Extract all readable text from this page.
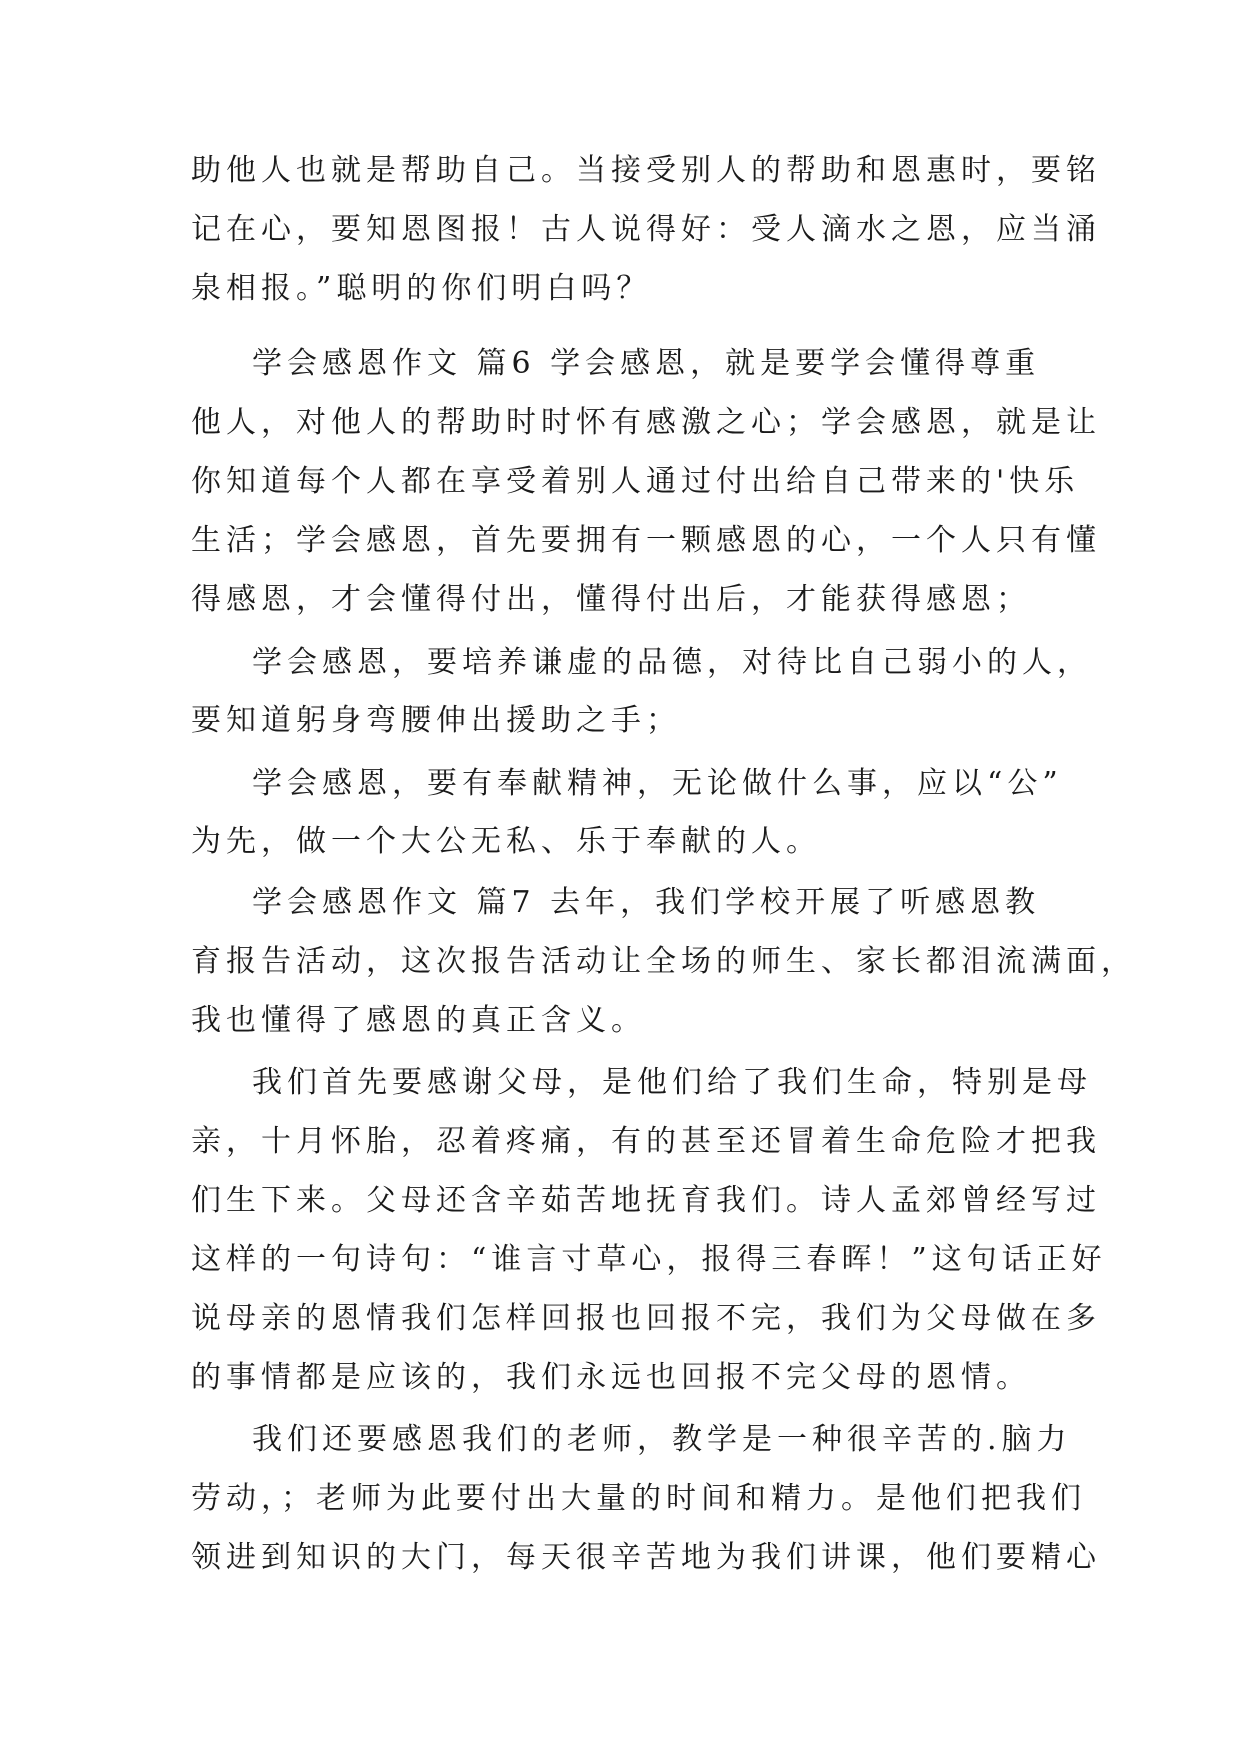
助他人也就是帮助自己。当接受别人的帮助和恩惠时，要铭
记在心，要知恩图报！古人说得好：受人滴水之恩，应当涌
泉相报。”聪明的你们明白吗？
学会感恩作文 篇6 学会感恩，就是要学会懂得尊重
他人，对他人的帮助时时怀有感激之心；学会感恩，就是让
你知道每个人都在享受着别人通过付出给自己带来的'快乐
生活；学会感恩，首先要拥有一颗感恩的心，一个人只有懂
得感恩，才会懂得付出，懂得付出后，才能获得感恩；
学会感恩，要培养谦虚的品德，对待比自己弱小的人，
要知道躬身弯腰伸出援助之手；
学会感恩，要有奉献精神，无论做什么事，应以“公”
为先，做一个大公无私、乐于奉献的人。
学会感恩作文 篇7 去年，我们学校开展了听感恩教
育报告活动，这次报告活动让全场的师生、家长都泪流满面，
我也懂得了感恩的真正含义。
我们首先要感谢父母，是他们给了我们生命，特别是母
亲，十月怀胎，忍着疼痛，有的甚至还冒着生命危险才把我
们生下来。父母还含辛茹苦地抚育我们。诗人孟郊曾经写过
这样的一句诗句：“谁言寸草心，报得三春晖！”这句话正好
说母亲的恩情我们怎样回报也回报不完，我们为父母做在多
的事情都是应该的，我们永远也回报不完父母的恩情。
我们还要感恩我们的老师，教学是一种很辛苦的.脑力
劳动，；老师为此要付出大量的时间和精力。是他们把我们
领进到知识的大门，每天很辛苦地为我们讲课，他们要精心
